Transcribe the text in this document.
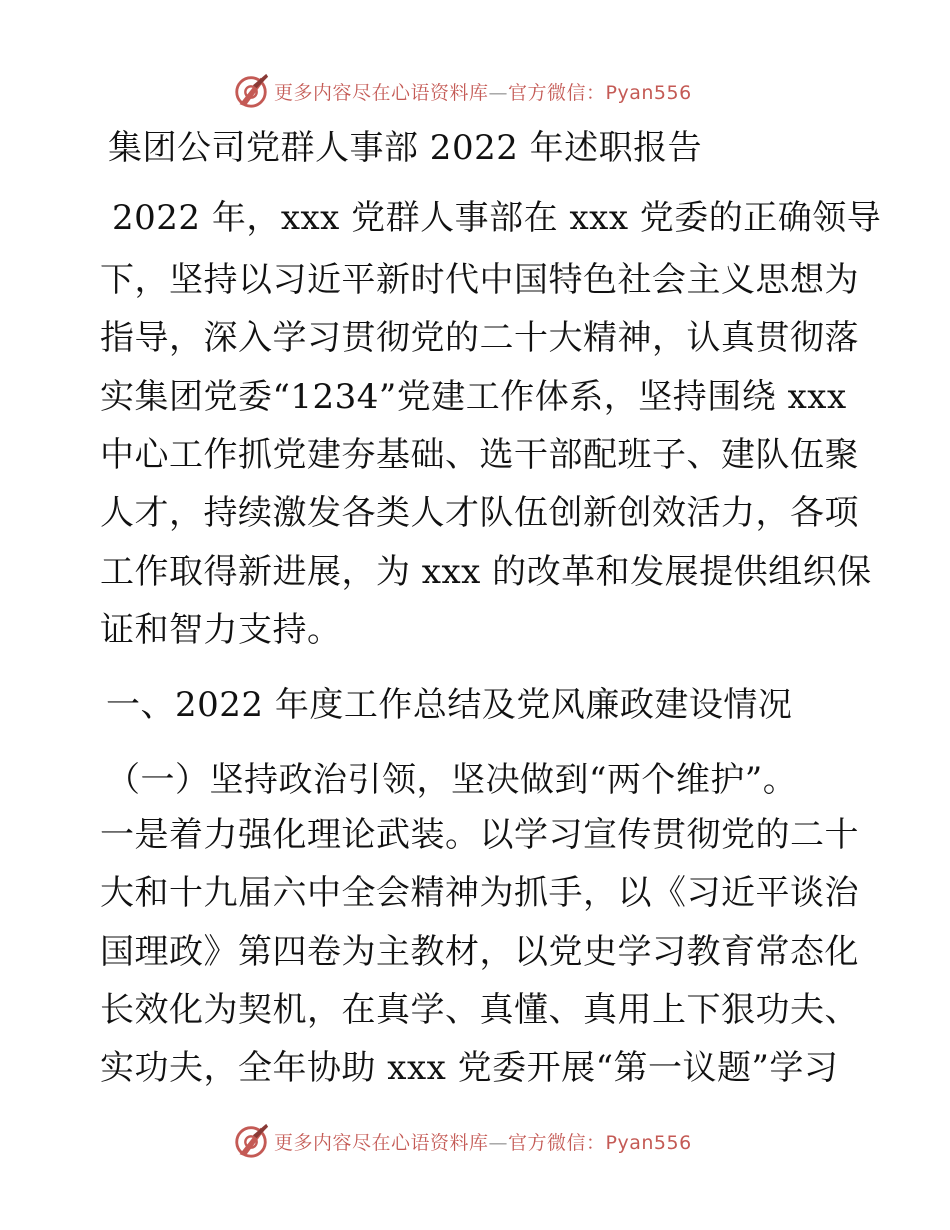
更多内容尽在心语资料库—官方微信：Pyan556
集团公司党群人事部 2022 年述职报告
2022 年，xxx 党群人事部在 xxx 党委的正确领导
下，坚持以习近平新时代中国特色社会主义思想为
指导，深入学习贯彻党的二十大精神，认真贯彻落
实集团党委“1234”党建工作体系，坚持围绕 xxx
中心工作抓党建夯基础、选干部配班子、建队伍聚
人才，持续激发各类人才队伍创新创效活力，各项
工作取得新进展，为 xxx 的改革和发展提供组织保
证和智力支持。
一、2022 年度工作总结及党风廉政建设情况
（一）坚持政治引领，坚决做到“两个维护”。
一是着力强化理论武装。以学习宣传贯彻党的二十
大和十九届六中全会精神为抓手，以《习近平谈治
国理政》第四卷为主教材，以党史学习教育常态化
长效化为契机，在真学、真懂、真用上下狠功夫、
实功夫，全年协助 xxx 党委开展“第一议题”学习
更多内容尽在心语资料库—官方微信：Pyan556
